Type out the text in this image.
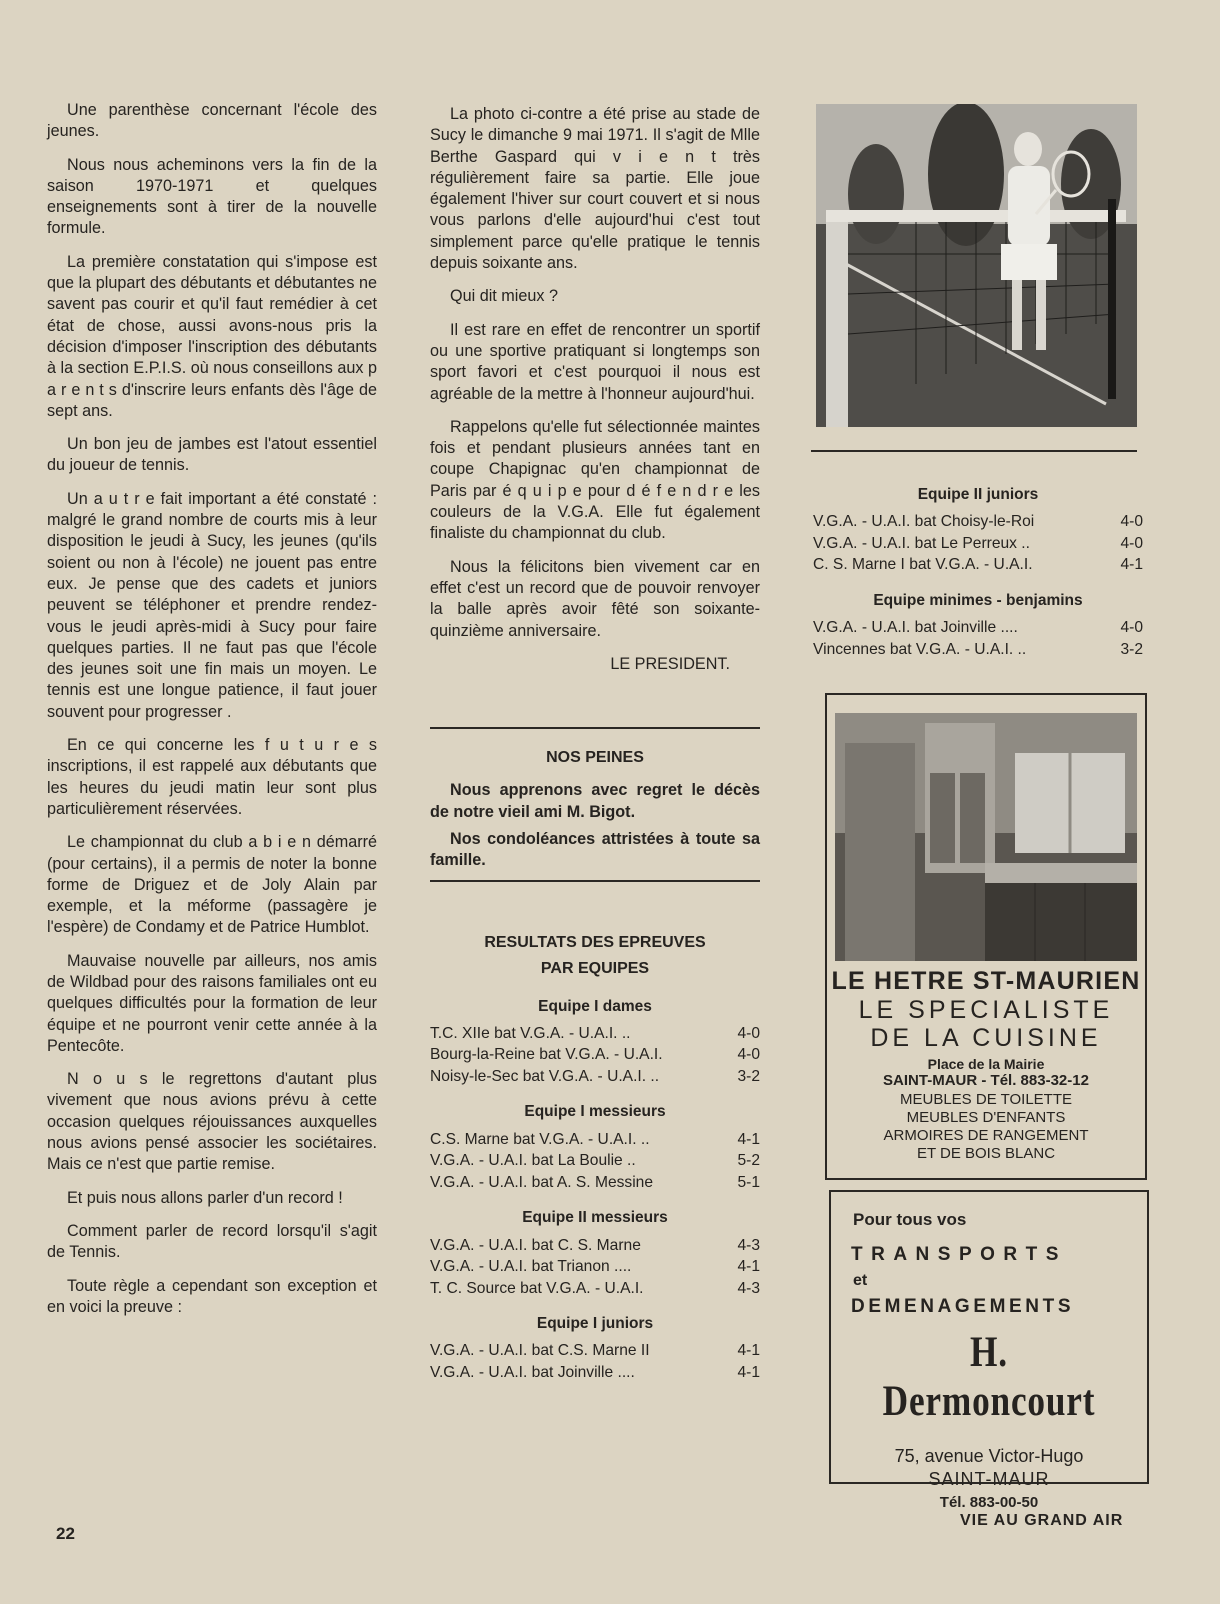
Une parenthèse concernant l'école des jeunes.

Nous nous acheminons vers la fin de la saison 1970-1971 et quelques enseignements sont à tirer de la nouvelle formule.

La première constatation qui s'impose est que la plupart des débutants et débutantes ne savent pas courir et qu'il faut remédier à cet état de chose, aussi avons-nous pris la décision d'imposer l'inscription des débutants à la section E.P.I.S. où nous conseillons aux p a r e n t s d'inscrire leurs enfants dès l'âge de sept ans.

Un bon jeu de jambes est l'atout essentiel du joueur de tennis.

Un a u t r e fait important a été constaté : malgré le grand nombre de courts mis à leur disposition le jeudi à Sucy, les jeunes (qu'ils soient ou non à l'école) ne jouent pas entre eux. Je pense que des cadets et juniors peuvent se téléphoner et prendre rendez-vous le jeudi après-midi à Sucy pour faire quelques parties. Il ne faut pas que l'école des jeunes soit une fin mais un moyen. Le tennis est une longue patience, il faut jouer souvent pour progresser .

En ce qui concerne les f u t u r e s inscriptions, il est rappelé aux débutants que les heures du jeudi matin leur sont plus particulièrement réservées.

Le championnat du club a b i e n démarré (pour certains), il a permis de noter la bonne forme de Driguez et de Joly Alain par exemple, et la méforme (passagère je l'espère) de Condamy et de Patrice Humblot.

Mauvaise nouvelle par ailleurs, nos amis de Wildbad pour des raisons familiales ont eu quelques difficultés pour la formation de leur équipe et ne pourront venir cette année à la Pentecôte.

N o u s le regrettons d'autant plus vivement que nous avions prévu à cette occasion quelques réjouissances auxquelles nous avions pensé associer les sociétaires. Mais ce n'est que partie remise.

Et puis nous allons parler d'un record !

Comment parler de record lorsqu'il s'agit de Tennis.

Toute règle a cependant son exception et en voici la preuve :

La photo ci-contre a été prise au stade de Sucy le dimanche 9 mai 1971. Il s'agit de Mlle Berthe Gaspard qui v i e n t très régulièrement faire sa partie. Elle joue également l'hiver sur court couvert et si nous vous parlons d'elle aujourd'hui c'est tout simplement parce qu'elle pratique le tennis depuis soixante ans.

Qui dit mieux ?

Il est rare en effet de rencontrer un sportif ou une sportive pratiquant si longtemps son sport favori et c'est pourquoi il nous est agréable de la mettre à l'honneur aujourd'hui.

Rappelons qu'elle fut sélectionnée maintes fois et pendant plusieurs années tant en coupe Chapignac qu'en championnat de Paris par é q u i p e pour d é f e n d r e les couleurs de la V.G.A. Elle fut également finaliste du championnat du club.

Nous la félicitons bien vivement car en effet c'est un record que de pouvoir renvoyer la balle après avoir fêté son soixante-quinzième anniversaire.

LE PRESIDENT.
NOS PEINES

Nous apprenons avec regret le décès de notre vieil ami M. Bigot.

Nos condoléances attristées à toute sa famille.

RESULTATS DES EPREUVES
PAR EQUIPES
Equipe I dames
T.C. XIIe bat V.G.A. - U.A.I. ..	4-0
Bourg-la-Reine bat V.G.A. - U.A.I.	4-0
Noisy-le-Sec bat V.G.A. - U.A.I. ..	3-2
Equipe I messieurs
C.S. Marne bat V.G.A. - U.A.I. ..	4-1
V.G.A. - U.A.I. bat La Boulie ..	5-2
V.G.A. - U.A.I. bat A. S. Messine	5-1
Equipe II messieurs
V.G.A. - U.A.I. bat C. S. Marne	4-3
V.G.A. - U.A.I. bat Trianon ....	4-1
T. C. Source bat V.G.A. - U.A.I.	4-3
Equipe I juniors
V.G.A. - U.A.I. bat C.S. Marne II	4-1
V.G.A. - U.A.I. bat Joinville ....	4-1
Equipe II juniors
V.G.A. - U.A.I. bat Choisy-le-Roi	4-0
V.G.A. - U.A.I. bat Le Perreux ..	4-0
C. S. Marne I bat V.G.A. - U.A.I.	4-1
Equipe minimes - benjamins
V.G.A. - U.A.I. bat Joinville ....	4-0
Vincennes bat V.G.A. - U.A.I. ..	3-2
LE HETRE ST-MAURIEN
LE SPECIALISTE
DE LA CUISINE
Place de la Mairie
SAINT-MAUR - Tél. 883-32-12
MEUBLES DE TOILETTE
MEUBLES D'ENFANTS
ARMOIRES DE RANGEMENT
ET DE BOIS BLANC
Pour tous vos
TRANSPORTS
et
DEMENAGEMENTS
H. Dermoncourt
75, avenue Victor-Hugo
SAINT-MAUR
Tél. 883-00-50
22
VIE AU GRAND AIR
